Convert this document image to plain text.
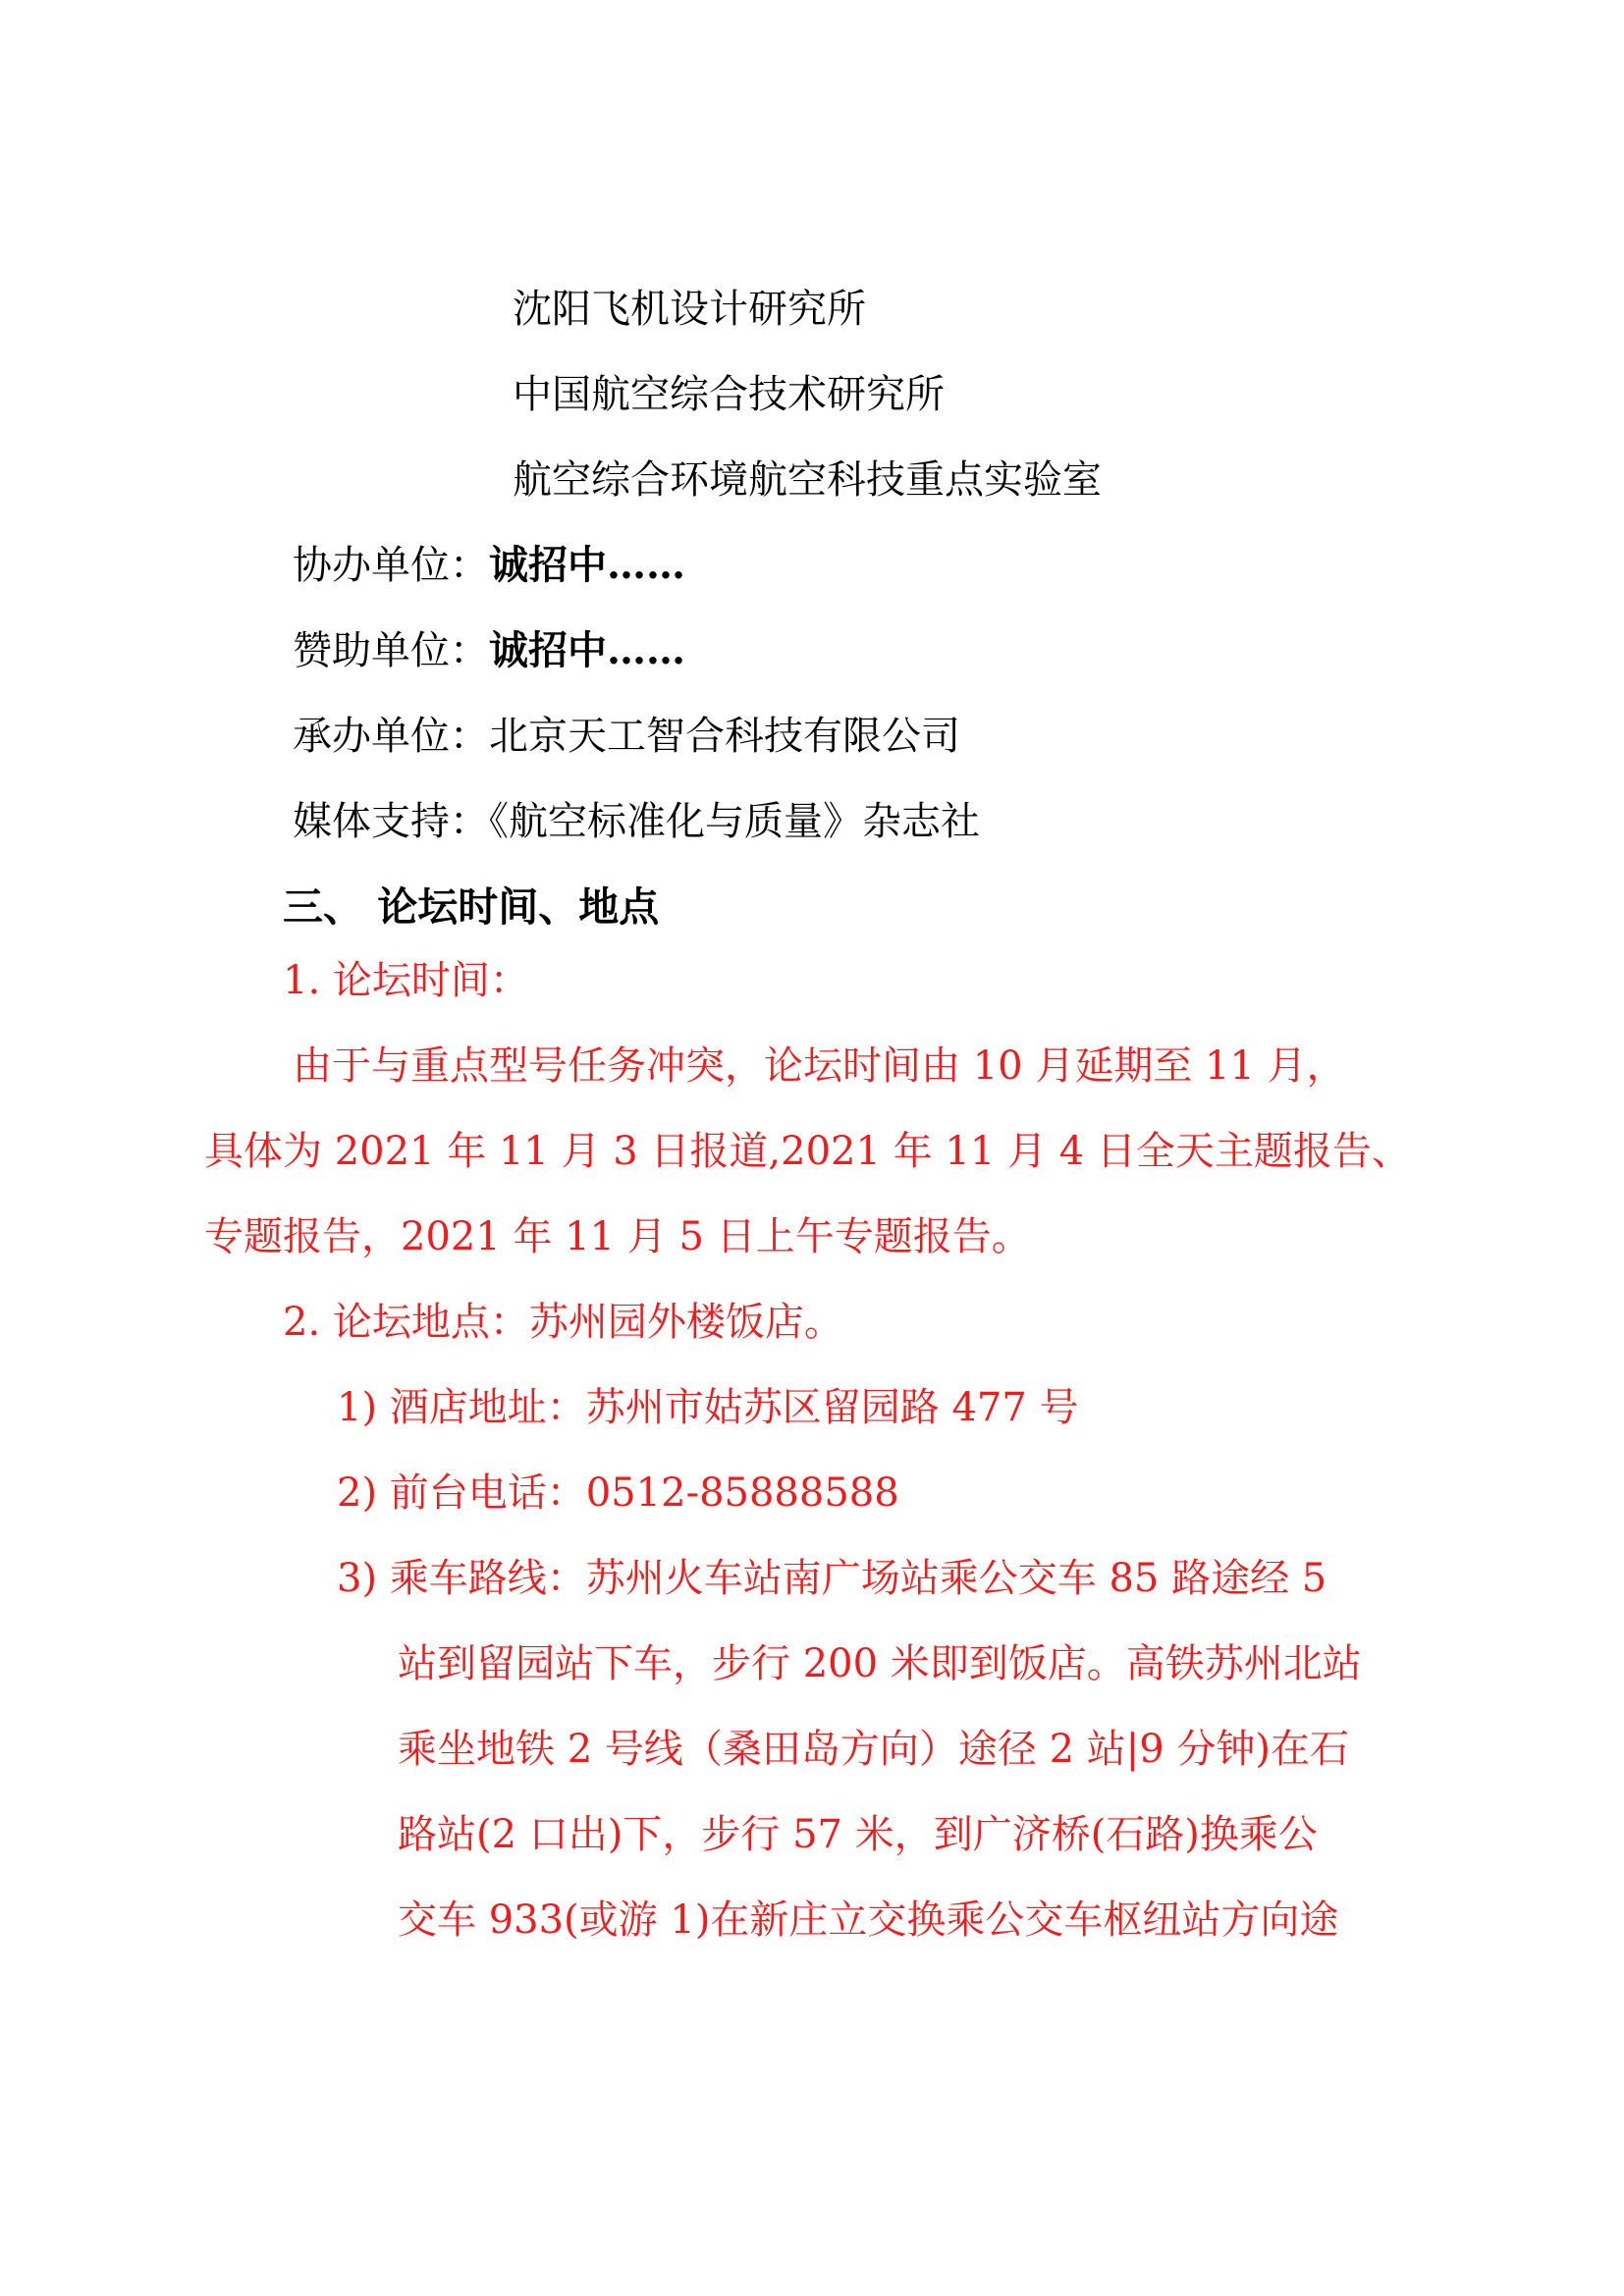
沈阳飞机设计研究所
中国航空综合技术研究所
航空综合环境航空科技重点实验室
协办单位：诚招中……
赞助单位：诚招中……
承办单位：北京天工智合科技有限公司
媒体支持：《航空标准化与质量》杂志社
三、 论坛时间、地点
1. 论坛时间：
由于与重点型号任务冲突，论坛时间由 10 月延期至 11 月，
具体为 2021 年 11 月 3 日报道,2021 年 11 月 4 日全天主题报告、
专题报告，2021 年 11 月 5 日上午专题报告。
2. 论坛地点：苏州园外楼饭店。
1) 酒店地址：苏州市姑苏区留园路 477 号
2) 前台电话：0512-85888588
3) 乘车路线：苏州火车站南广场站乘公交车 85 路途经 5
站到留园站下车，步行 200 米即到饭店。高铁苏州北站
乘坐地铁 2 号线（桑田岛方向）途径 2 站|9 分钟)在石
路站(2 口出)下，步行 57 米，到广济桥(石路)换乘公
交车 933(或游 1)在新庄立交换乘公交车枢纽站方向途
